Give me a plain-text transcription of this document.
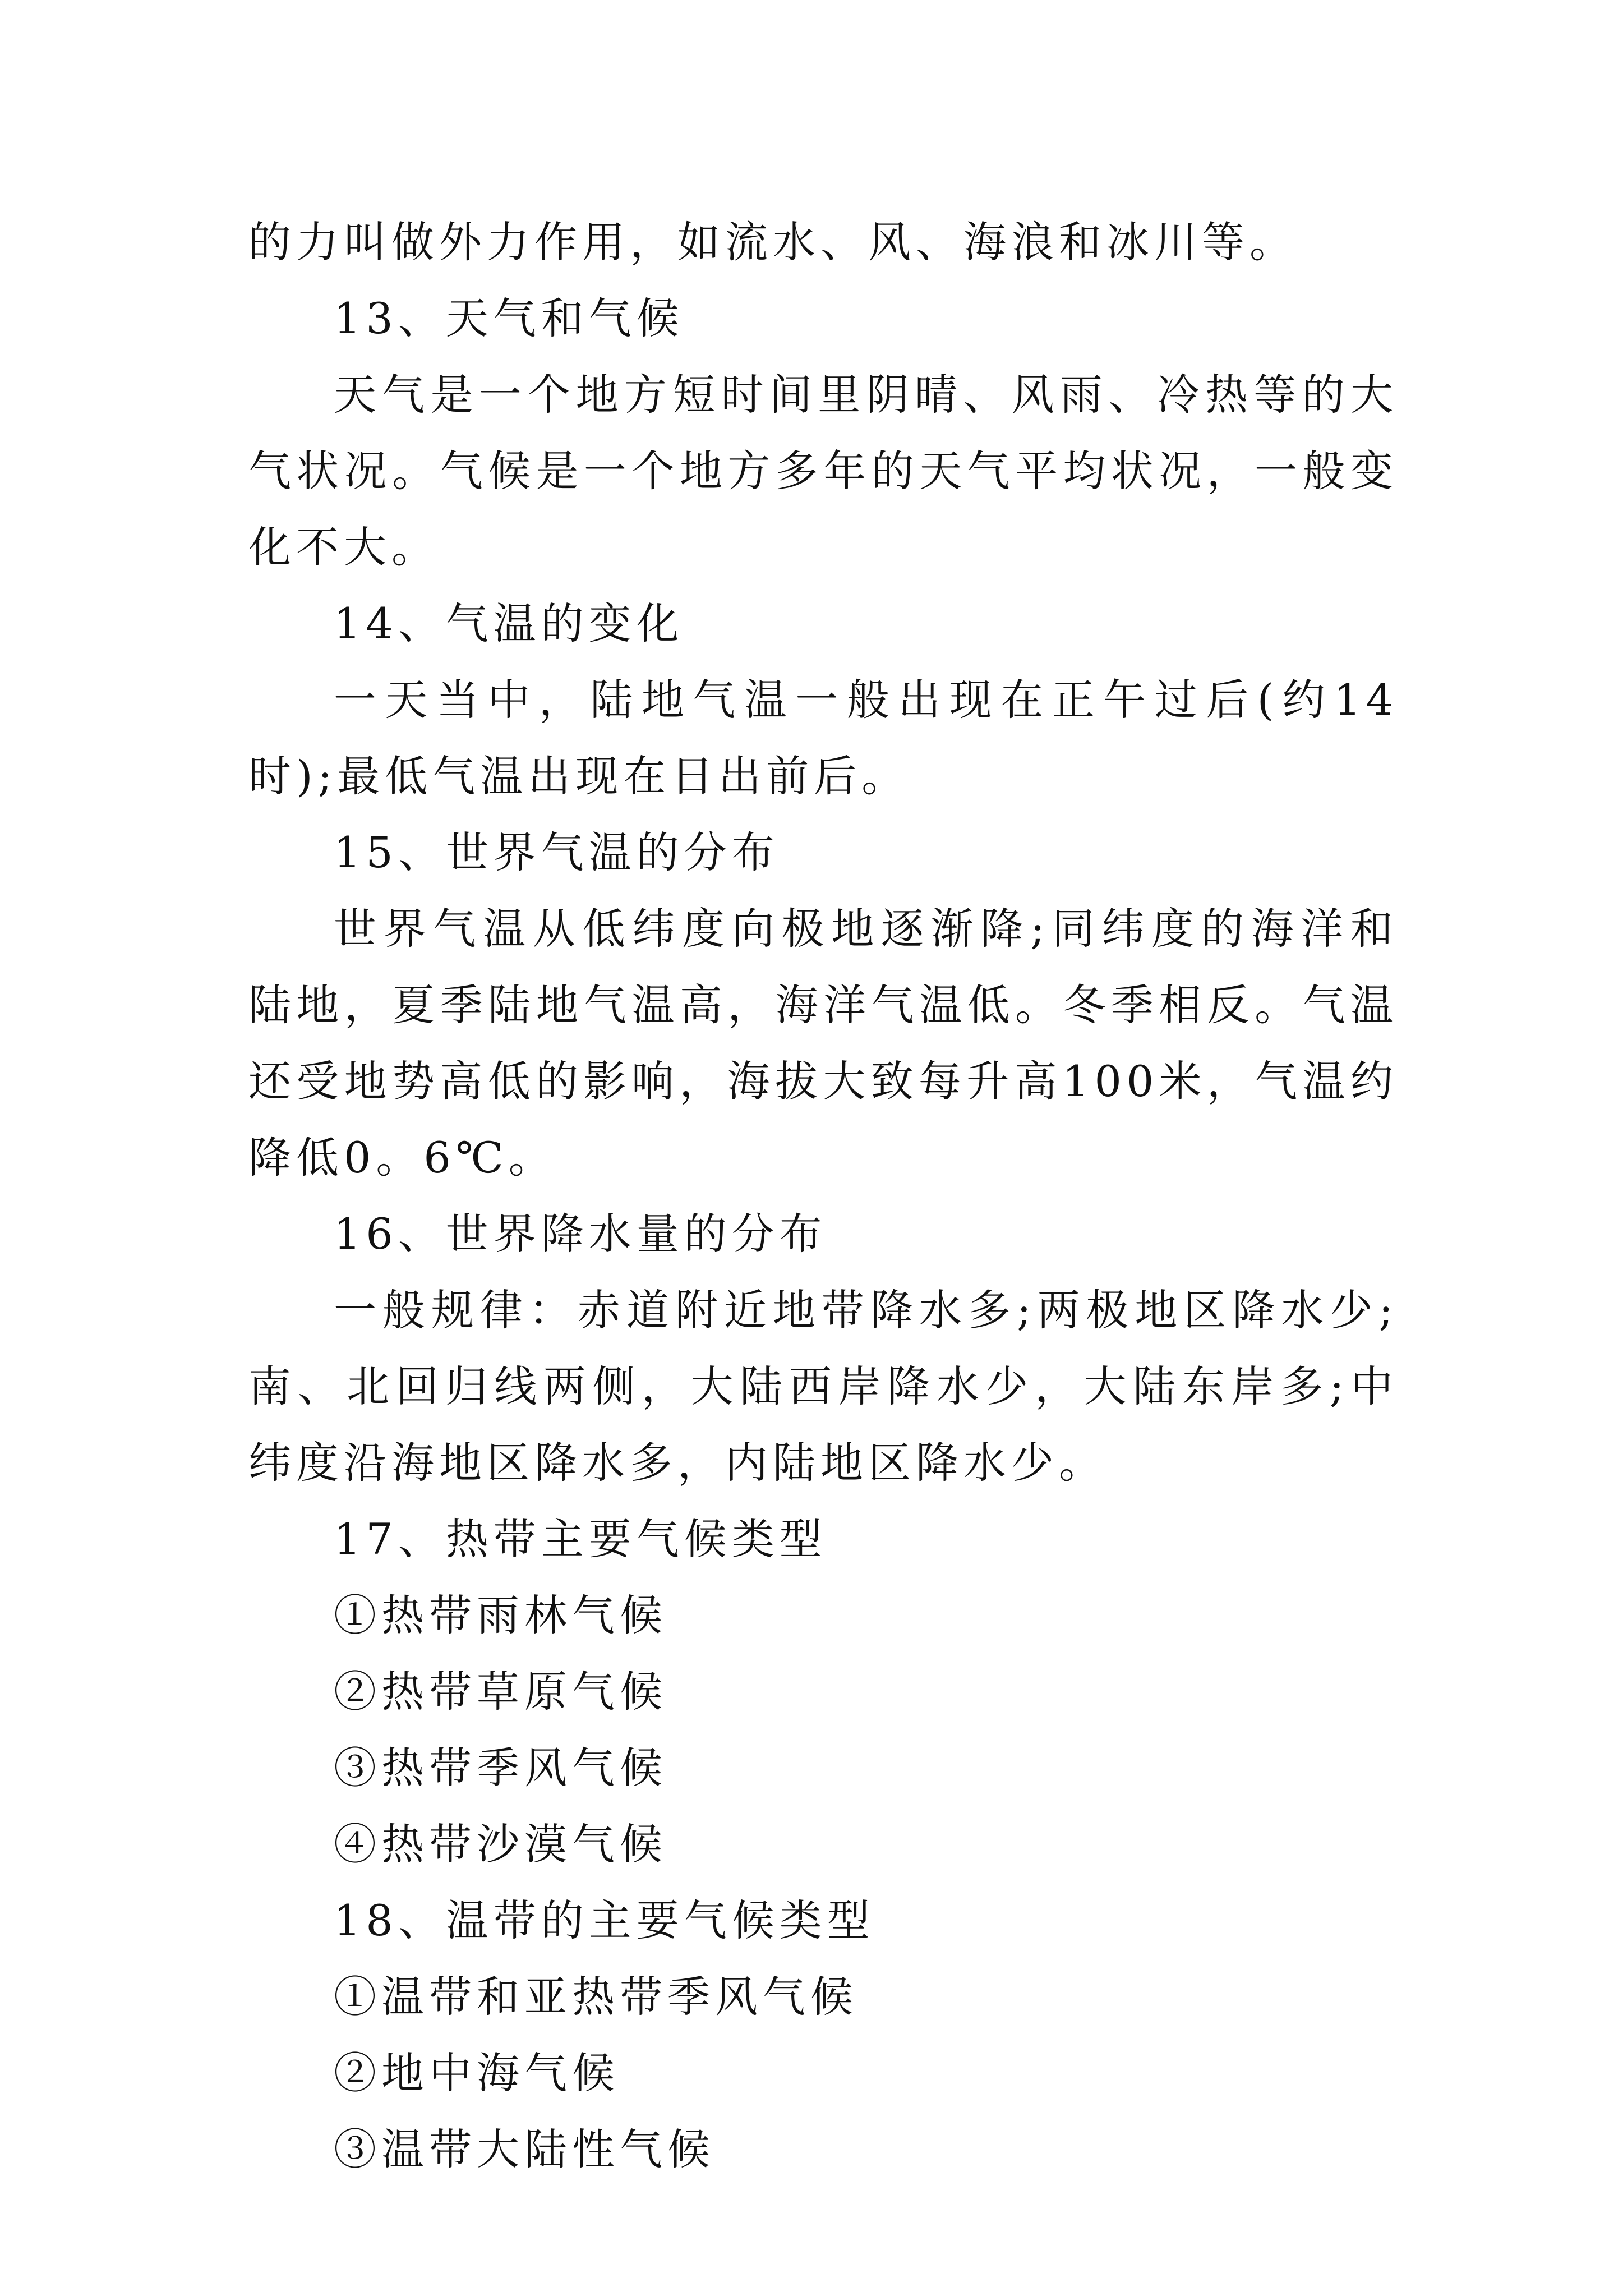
的力叫做外力作用，如流水、风、海浪和冰川等。

13、天气和气候

天气是一个地方短时间里阴晴、风雨、冷热等的大气状况。气候是一个地方多年的天气平均状况，一般变化不大。

14、气温的变化

一天当中，陆地气温一般出现在正午过后(约14时);最低气温出现在日出前后。

15、世界气温的分布

世界气温从低纬度向极地逐渐降;同纬度的海洋和陆地，夏季陆地气温高，海洋气温低。冬季相反。气温还受地势高低的影响，海拔大致每升高100米，气温约降低0。6℃。

16、世界降水量的分布

一般规律：赤道附近地带降水多;两极地区降水少;南、北回归线两侧，大陆西岸降水少，大陆东岸多;中纬度沿海地区降水多，内陆地区降水少。

17、热带主要气候类型

①热带雨林气候

②热带草原气候

③热带季风气候

④热带沙漠气候

18、温带的主要气候类型

①温带和亚热带季风气候

②地中海气候

③温带大陆性气候
